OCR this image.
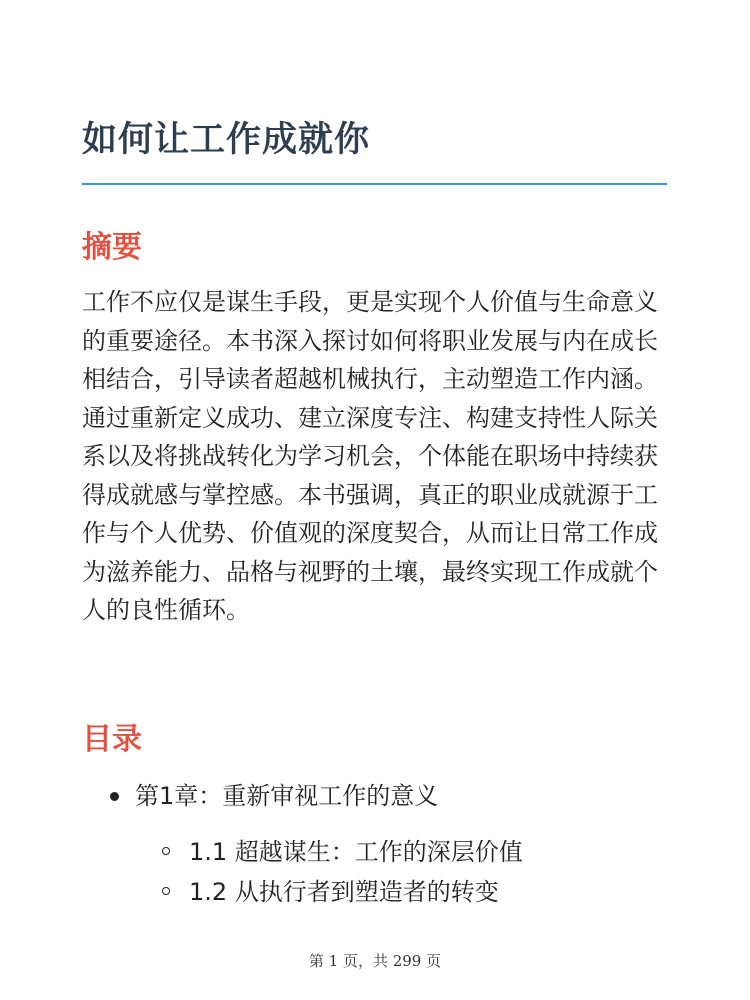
如何让工作成就你
摘要

工作不应仅是谋生手段，更是实现个人价值与生命意义的重要途径。本书深入探讨如何将职业发展与内在成长相结合，引导读者超越机械执行，主动塑造工作内涵。通过重新定义成功、建立深度专注、构建支持性人际关系以及将挑战转化为学习机会，个体能在职场中持续获得成就感与掌控感。本书强调，真正的职业成就源于工作与个人优势、价值观的深度契合，从而让日常工作成为滋养能力、品格与视野的土壤，最终实现工作成就个人的良性循环。

目录
第1章：重新审视工作的意义
1.1 超越谋生：工作的深层价值
1.2 从执行者到塑造者的转变
第 1 页，共 299 页
